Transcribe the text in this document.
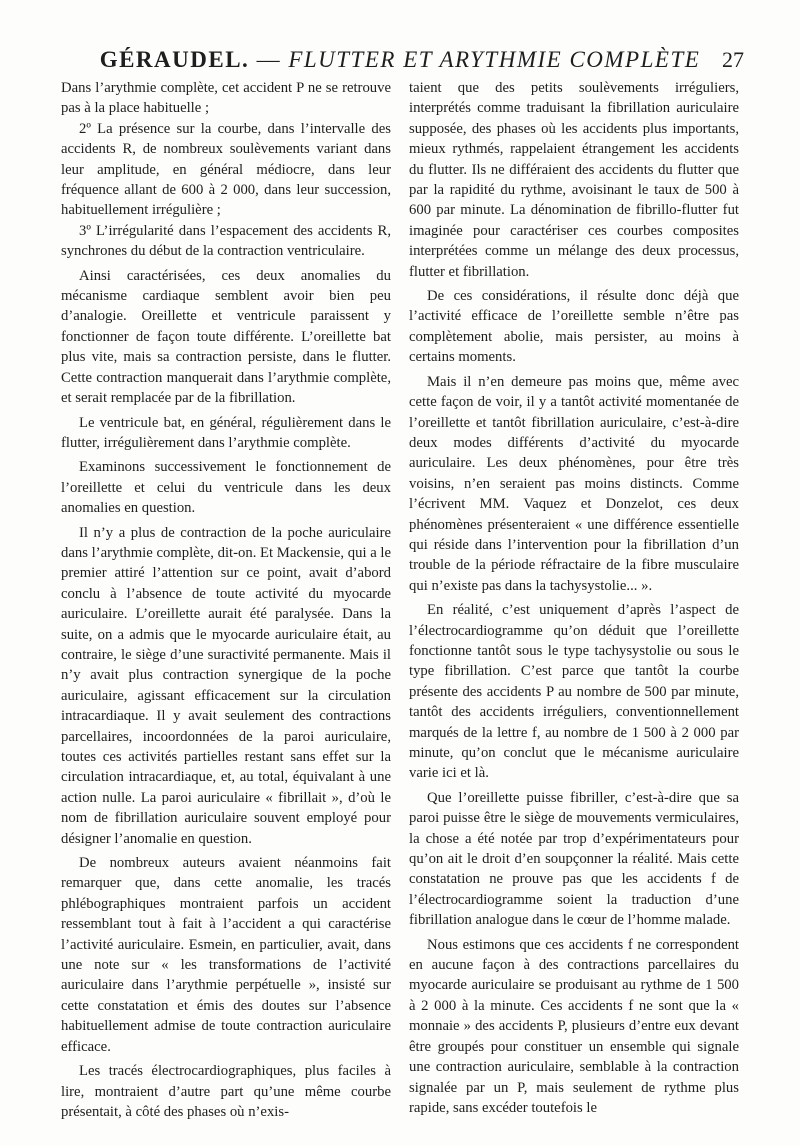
GÉRAUDEL. — FLUTTER ET ARYTHMIE COMPLÈTE 27

Dans l’arythmie complète, cet accident P ne se retrouve pas à la place habituelle ;

2º La présence sur la courbe, dans l’intervalle des accidents R, de nombreux soulèvements variant dans leur amplitude, en général médiocre, dans leur fréquence allant de 600 à 2 000, dans leur succession, habituellement irrégulière ;

3º L’irrégularité dans l’espacement des accidents R, synchrones du début de la contraction ventriculaire.

Ainsi caractérisées, ces deux anomalies du mécanisme cardiaque semblent avoir bien peu d’analogie. Oreillette et ventricule paraissent y fonctionner de façon toute différente. L’oreillette bat plus vite, mais sa contraction persiste, dans le flutter. Cette contraction manquerait dans l’arythmie complète, et serait remplacée par de la fibrillation.

Le ventricule bat, en général, régulièrement dans le flutter, irrégulièrement dans l’arythmie complète.

Examinons successivement le fonctionnement de l’oreillette et celui du ventricule dans les deux anomalies en question.

Il n’y a plus de contraction de la poche auriculaire dans l’arythmie complète, dit-on. Et Mackensie, qui a le premier attiré l’attention sur ce point, avait d’abord conclu à l’absence de toute activité du myocarde auriculaire. L’oreillette aurait été paralysée. Dans la suite, on a admis que le myocarde auriculaire était, au contraire, le siège d’une suractivité permanente. Mais il n’y avait plus contraction synergique de la poche auriculaire, agissant efficacement sur la circulation intracardiaque. Il y avait seulement des contractions parcellaires, incoordonnées de la paroi auriculaire, toutes ces activités partielles restant sans effet sur la circulation intracardiaque, et, au total, équivalant à une action nulle. La paroi auriculaire « fibrillait », d’où le nom de fibrillation auriculaire souvent employé pour désigner l’anomalie en question.

De nombreux auteurs avaient néanmoins fait remarquer que, dans cette anomalie, les tracés phlébographiques montraient parfois un accident ressemblant tout à fait à l’accident a qui caractérise l’activité auriculaire. Esmein, en particulier, avait, dans une note sur « les transformations de l’activité auriculaire dans l’arythmie perpétuelle », insisté sur cette constatation et émis des doutes sur l’absence habituellement admise de toute contraction auriculaire efficace.

Les tracés électrocardiographiques, plus faciles à lire, montraient d’autre part qu’une même courbe présentait, à côté des phases où n’exis-

taient que des petits soulèvements irréguliers, interprétés comme traduisant la fibrillation auriculaire supposée, des phases où les accidents plus importants, mieux rythmés, rappelaient étrangement les accidents du flutter. Ils ne différaient des accidents du flutter que par la rapidité du rythme, avoisinant le taux de 500 à 600 par minute. La dénomination de fibrillo-flutter fut imaginée pour caractériser ces courbes composites interprétées comme un mélange des deux processus, flutter et fibrillation.

De ces considérations, il résulte donc déjà que l’activité efficace de l’oreillette semble n’être pas complètement abolie, mais persister, au moins à certains moments.

Mais il n’en demeure pas moins que, même avec cette façon de voir, il y a tantôt activité momentanée de l’oreillette et tantôt fibrillation auriculaire, c’est-à-dire deux modes différents d’activité du myocarde auriculaire. Les deux phénomènes, pour être très voisins, n’en seraient pas moins distincts. Comme l’écrivent MM. Vaquez et Donzelot, ces deux phénomènes présenteraient « une différence essentielle qui réside dans l’intervention pour la fibrillation d’un trouble de la période réfractaire de la fibre musculaire qui n’existe pas dans la tachysystolie... ».

En réalité, c’est uniquement d’après l’aspect de l’électrocardiogramme qu’on déduit que l’oreillette fonctionne tantôt sous le type tachysystolie ou sous le type fibrillation. C’est parce que tantôt la courbe présente des accidents P au nombre de 500 par minute, tantôt des accidents irréguliers, conventionnellement marqués de la lettre f, au nombre de 1 500 à 2 000 par minute, qu’on conclut que le mécanisme auriculaire varie ici et là.

Que l’oreillette puisse fibriller, c’est-à-dire que sa paroi puisse être le siège de mouvements vermiculaires, la chose a été notée par trop d’expérimentateurs pour qu’on ait le droit d’en soupçonner la réalité. Mais cette constatation ne prouve pas que les accidents f de l’électrocardiogramme soient la traduction d’une fibrillation analogue dans le cœur de l’homme malade.

Nous estimons que ces accidents f ne correspondent en aucune façon à des contractions parcellaires du myocarde auriculaire se produisant au rythme de 1 500 à 2 000 à la minute. Ces accidents f ne sont que la « monnaie » des accidents P, plusieurs d’entre eux devant être groupés pour constituer un ensemble qui signale une contraction auriculaire, semblable à la contraction signalée par un P, mais seulement de rythme plus rapide, sans excéder toutefois le
